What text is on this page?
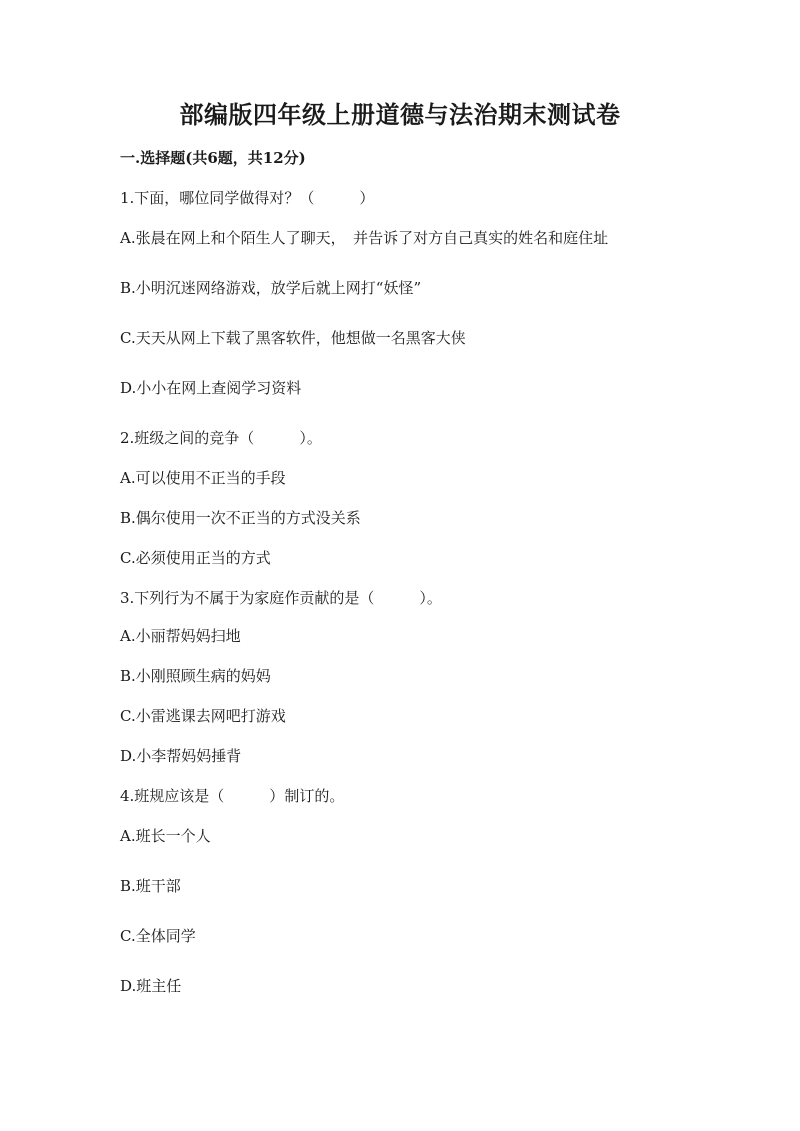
部编版四年级上册道德与法治期末测试卷
一.选择题(共6题，共12分)
1.下面，哪位同学做得对？（　　　）
A.张晨在网上和个陌生人了聊天，　并告诉了对方自己真实的姓名和庭住址
B.小明沉迷网络游戏，放学后就上网打“妖怪”
C.天天从网上下载了黑客软件，他想做一名黑客大侠
D.小小在网上查阅学习资料
2.班级之间的竞争（　　　）。
A.可以使用不正当的手段
B.偶尔使用一次不正当的方式没关系
C.必须使用正当的方式
3.下列行为不属于为家庭作贡献的是（　　　）。
A.小丽帮妈妈扫地
B.小刚照顾生病的妈妈
C.小雷逃课去网吧打游戏
D.小李帮妈妈捶背
4.班规应该是（　　　）制订的。
A.班长一个人
B.班干部
C.全体同学
D.班主任
